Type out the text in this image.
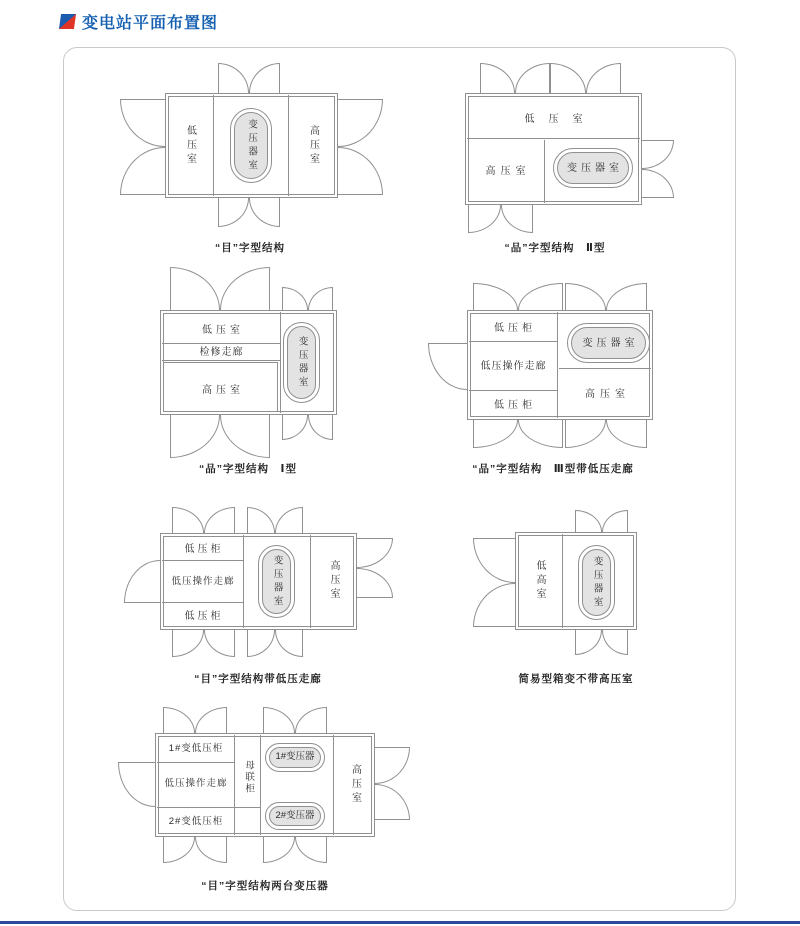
变电站平面布置图
变压器室
低压室	高压室
“目”字型结构
低压室
高压室	变压器室
“品”字型结构　Ⅱ型
低压室
检修走廊
高压室
变压器室
“品”字型结构　Ⅰ型
低压柜
低压操作走廊
低压柜
变压器室
高压室
“品”字型结构　Ⅲ型带低压走廊
低压柜
低压操作走廊
低压柜
变压器室	高压室
“目”字型结构带低压走廊
低高室	变压器室
简易型箱变不带高压室
1#变低压柜
低压操作走廊
2#变低压柜
母联柜
1#变压器
2#变压器
高压室
“目”字型结构两台变压器
